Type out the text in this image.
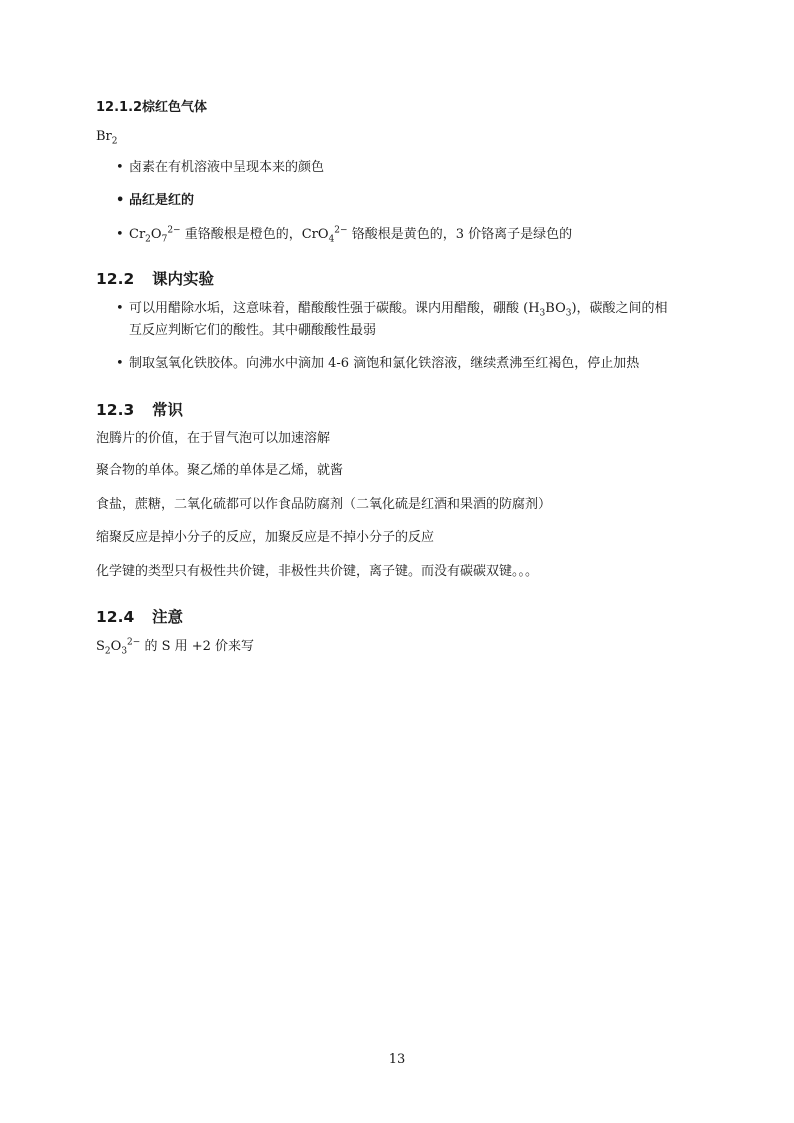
12.1.2棕红色气体
$Br_2$
• 卤素在有机溶液中呈现本来的颜色
• 品红是红的
• $Cr_2O_7^{2-}$ 重铬酸根是橙色的，CrO$_4^{2-}$ 铬酸根是黄色的，3 价铬离子是绿色的
12.2 课内实验
• 可以用醋除水垢，这意味着，醋酸酸性强于碳酸。课内用醋酸，硼酸 $(H_3BO_3)$，碳酸之间的相
互反应判断它们的酸性。其中硼酸酸性最弱
• 制取氢氧化铁胶体。向沸水中滴加 4-6 滴饱和氯化铁溶液，继续煮沸至红褐色，停止加热
12.3 常识
泡腾片的价值，在于冒气泡可以加速溶解
聚合物的单体。聚乙烯的单体是乙烯，就酱
食盐，蔗糖，二氧化硫都可以作食品防腐剂（二氧化硫是红酒和果酒的防腐剂）
缩聚反应是掉小分子的反应，加聚反应是不掉小分子的反应
化学键的类型只有极性共价键，非极性共价键，离子键。而没有碳碳双键。。。
12.4 注意
$S_2O_3^{2-}$ 的 S 用 +2 价来写
13
